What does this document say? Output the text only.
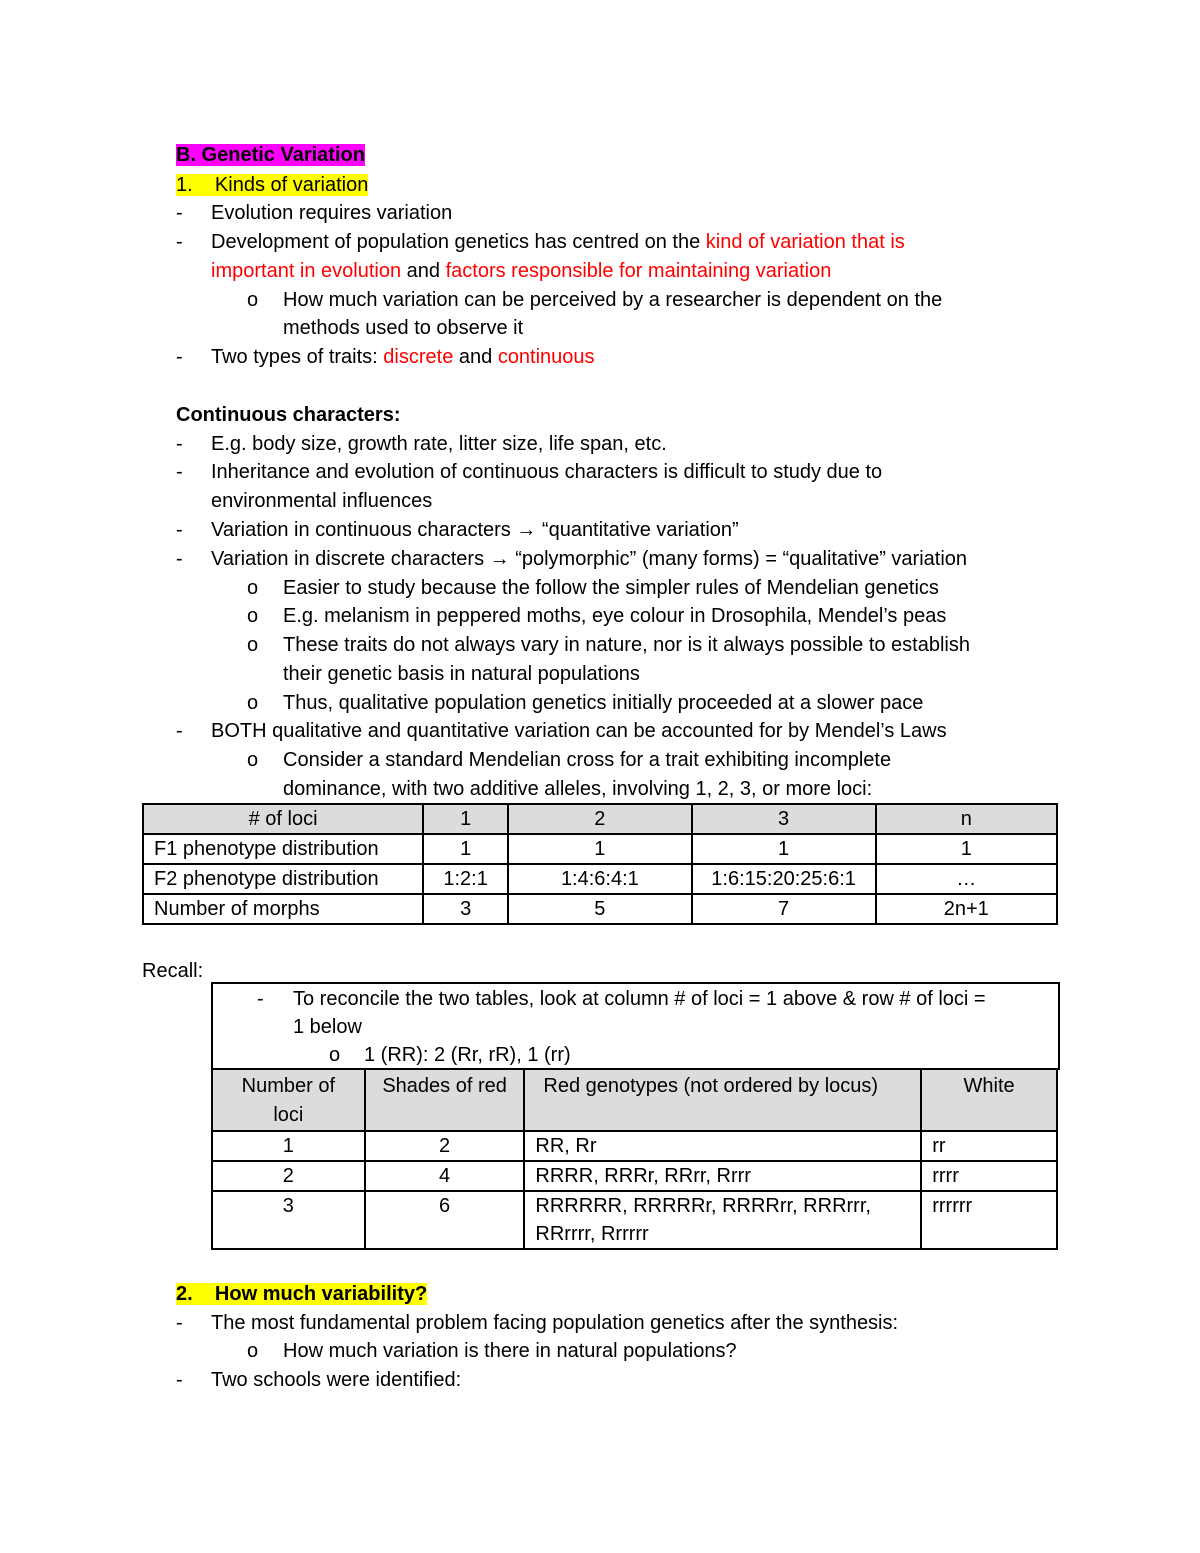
B. Genetic Variation
1. Kinds of variation
- Evolution requires variation
- Development of population genetics has centred on the kind of variation that is
important in evolution and factors responsible for maintaining variation
o How much variation can be perceived by a researcher is dependent on the
methods used to observe it
- Two types of traits: discrete and continuous
Continuous characters:
- E.g. body size, growth rate, litter size, life span, etc.
- Inheritance and evolution of continuous characters is difficult to study due to
environmental influences
- Variation in continuous characters → “quantitative variation”
- Variation in discrete characters → “polymorphic” (many forms) = “qualitative” variation
o Easier to study because the follow the simpler rules of Mendelian genetics
o E.g. melanism in peppered moths, eye colour in Drosophila, Mendel’s peas
o These traits do not always vary in nature, nor is it always possible to establish
their genetic basis in natural populations
o Thus, qualitative population genetics initially proceeded at a slower pace
- BOTH qualitative and quantitative variation can be accounted for by Mendel’s Laws
o Consider a standard Mendelian cross for a trait exhibiting incomplete
dominance, with two additive alleles, involving 1, 2, 3, or more loci:
# of loci	1	2	3	n
F1 phenotype distribution	1	1	1	1
F2 phenotype distribution	1:2:1	1:4:6:4:1	1:6:15:20:25:6:1	…
Number of morphs	3	5	7	2n+1
Recall:
- To reconcile the two tables, look at column # of loci = 1 above & row # of loci =
1 below
o 1 (RR): 2 (Rr, rR), 1 (rr)
Number of
loci	Shades of red	Red genotypes (not ordered by locus)	White
1	2	RR, Rr	rr
2	4	RRRR, RRRr, RRrr, Rrrr	rrrr
3	6	RRRRRR, RRRRRr, RRRRrr, RRRrrr, RRrrrr, Rrrrrr	rrrrrr
2. How much variability?
- The most fundamental problem facing population genetics after the synthesis:
o How much variation is there in natural populations?
- Two schools were identified:
